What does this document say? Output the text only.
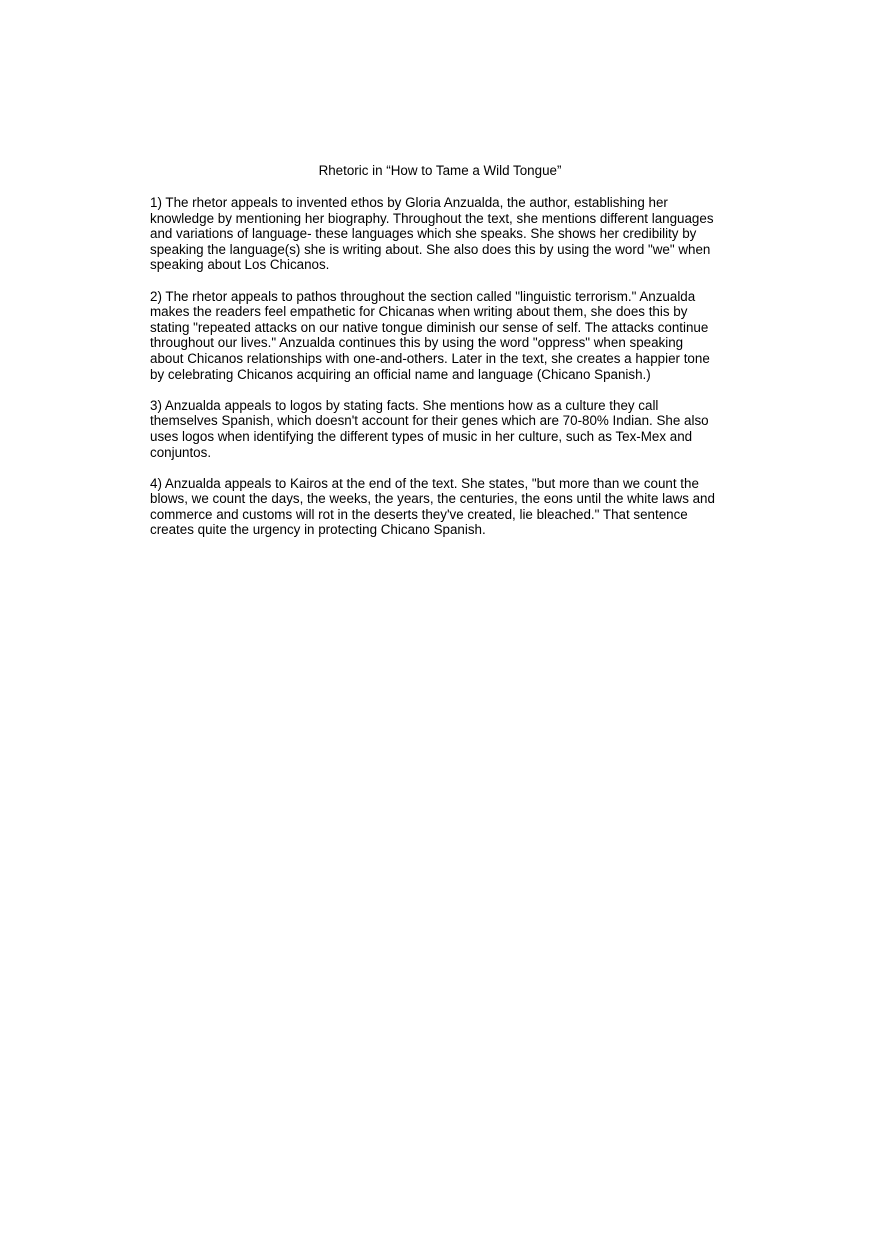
Rhetoric in “How to Tame a Wild Tongue”

1) The rhetor appeals to invented ethos by Gloria Anzualda, the author, establishing her
knowledge by mentioning her biography. Throughout the text, she mentions different languages
and variations of language- these languages which she speaks. She shows her credibility by
speaking the language(s) she is writing about. She also does this by using the word "we" when
speaking about Los Chicanos.

2) The rhetor appeals to pathos throughout the section called "linguistic terrorism." Anzualda
makes the readers feel empathetic for Chicanas when writing about them, she does this by
stating "repeated attacks on our native tongue diminish our sense of self. The attacks continue
throughout our lives." Anzualda continues this by using the word "oppress" when speaking
about Chicanos relationships with one-and-others. Later in the text, she creates a happier tone
by celebrating Chicanos acquiring an official name and language (Chicano Spanish.)

3) Anzualda appeals to logos by stating facts. She mentions how as a culture they call
themselves Spanish, which doesn't account for their genes which are 70-80% Indian. She also
uses logos when identifying the different types of music in her culture, such as Tex-Mex and
conjuntos.

4) Anzualda appeals to Kairos at the end of the text. She states, "but more than we count the
blows, we count the days, the weeks, the years, the centuries, the eons until the white laws and
commerce and customs will rot in the deserts they've created, lie bleached." That sentence
creates quite the urgency in protecting Chicano Spanish.
